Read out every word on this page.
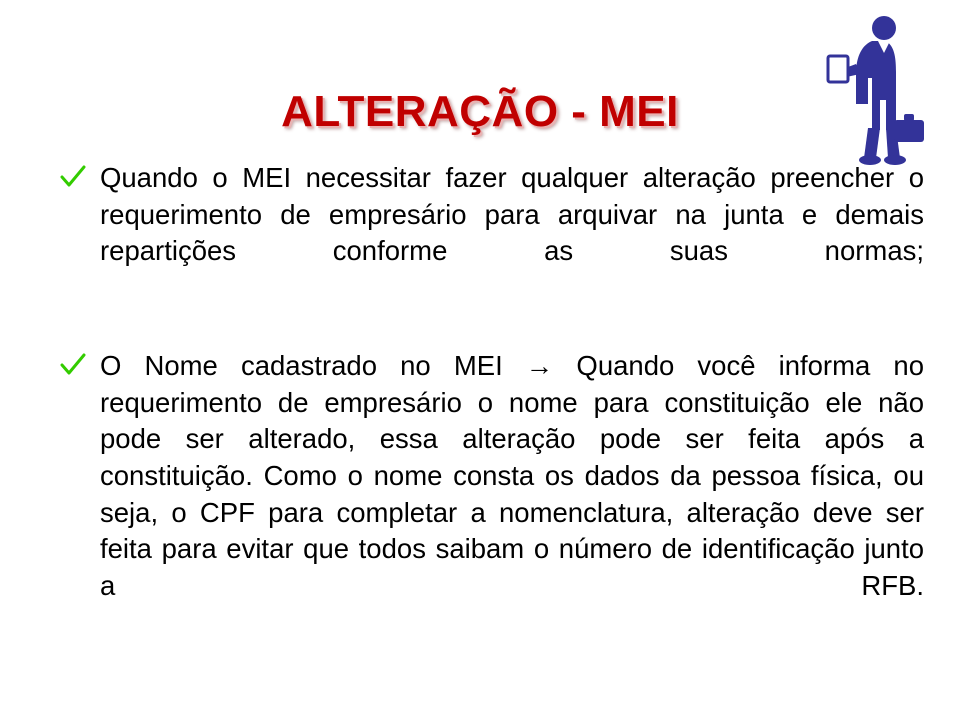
ALTERAÇÃO - MEI

Quando o MEI necessitar fazer qualquer alteração preencher o requerimento de empresário para arquivar na junta e demais repartições conforme as suas normas;

O Nome cadastrado no MEI → Quando você informa no requerimento de empresário o nome para constituição ele não pode ser alterado, essa alteração pode ser feita após a constituição. Como o nome consta os dados da pessoa física, ou seja, o CPF para completar a nomenclatura, alteração deve ser feita para evitar que todos saibam o número de identificação junto a RFB.
